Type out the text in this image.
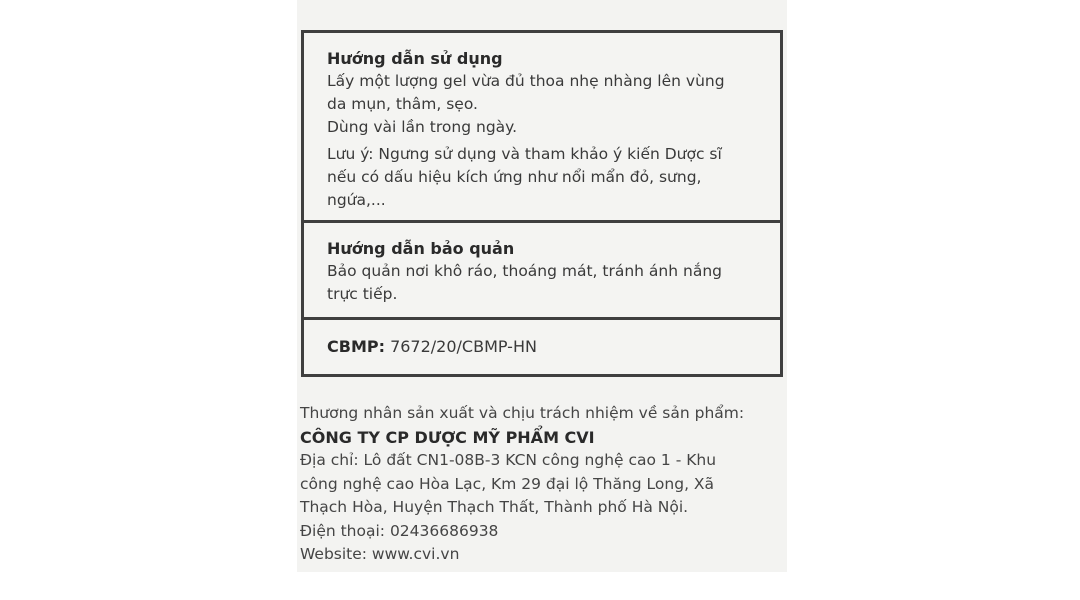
Hướng dẫn sử dụng

Lấy một lượng gel vừa đủ thoa nhẹ nhàng lên vùng

da mụn, thâm, sẹo.

Dùng vài lần trong ngày.

Lưu ý: Ngưng sử dụng và tham khảo ý kiến Dược sĩ

nếu có dấu hiệu kích ứng như nổi mẩn đỏ, sưng,

ngứa,...

Hướng dẫn bảo quản

Bảo quản nơi khô ráo, thoáng mát, tránh ánh nắng

trực tiếp.

CBMP: 7672/20/CBMP-HN

Thương nhân sản xuất và chịu trách nhiệm về sản phẩm:

CÔNG TY CP DƯỢC MỸ PHẨM CVI

Địa chỉ: Lô đất CN1-08B-3 KCN công nghệ cao 1 - Khu

công nghệ cao Hòa Lạc, Km 29 đại lộ Thăng Long, Xã

Thạch Hòa, Huyện Thạch Thất, Thành phố Hà Nội.

Điện thoại: 02436686938

Website: www.cvi.vn
